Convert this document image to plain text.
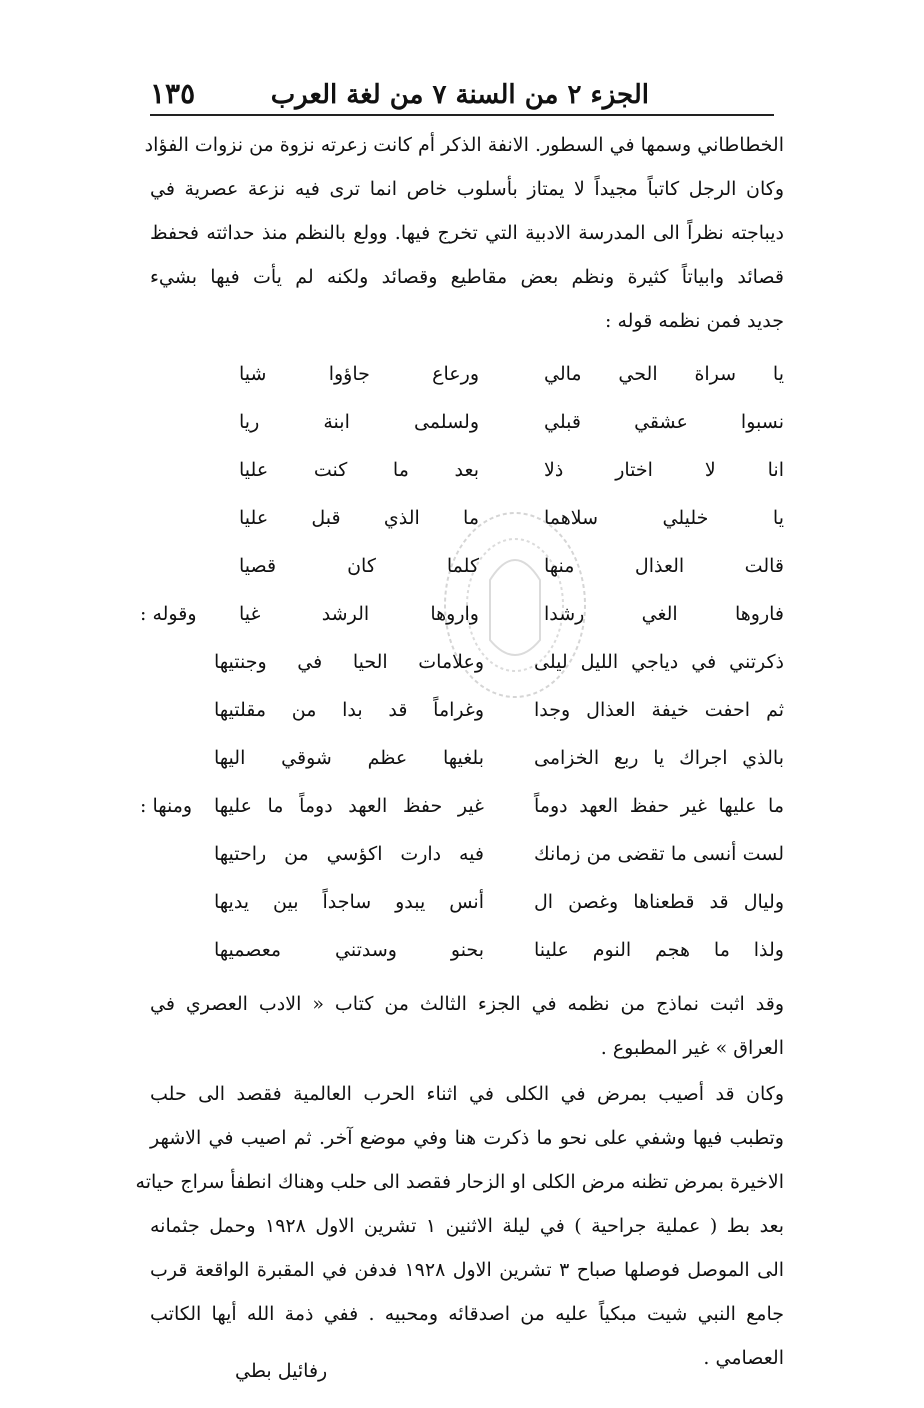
الجزء ٢ من السنة ٧ من لغة العرب
١٣٥
الخطاطاني وسمها في السطور. الانفة الذكر أم كانت زعرته نزوة من نزوات الفؤاد
وكان الرجل كاتباً مجيداً لا يمتاز بأسلوب خاص انما ترى فيه نزعة عصرية في
ديباجته نظراً الى المدرسة الادبية التي تخرج فيها. وولع بالنظم منذ حداثته فحفظ
قصائد وابياتاً كثيرة ونظم بعض مقاطيع وقصائد ولكنه لم يأت فيها بشيء
جديد فمن نظمه قوله :
يا سراة الحي مالي
ورعاع جاؤوا شيا
نسبوا عشقي قبلي
ولسلمى ابنة ريا
انا لا اختار ذلا
بعد ما كنت عليا
يا خليلي سلاهما
ما الذي قبل عليا
قالت العذال منها
كلما كان قصيا
فاروها الغي رشدا
واروها الرشد غيا
وقوله :
ذكرتني في دياجي الليل ليلى
وعلامات الحيا في وجنتيها
ثم احفت خيفة العذال وجدا
وغراماً قد بدا من مقلتيها
بالذي اجراك يا ربع الخزامى
بلغيها عظم شوقي اليها
ما عليها غير حفظ العهد دوماً
غير حفظ العهد دوماً ما عليها
ومنها :
لست أنسى ما تقضى من زمانك
فيه دارت اكؤسي من راحتيها
وليال قد قطعناها وغصن ال
أنس يبدو ساجداً بين يديها
ولذا ما هجم النوم علينا
بحنو وسدتني معصميها
وقد اثبت نماذج من نظمه في الجزء الثالث من كتاب « الادب العصري في
العراق » غير المطبوع .
وكان قد أصيب بمرض في الكلى في اثناء الحرب العالمية فقصد الى حلب
وتطبب فيها وشفي على نحو ما ذكرت هنا وفي موضع آخر. ثم اصيب في الاشهر
الاخيرة بمرض تظنه مرض الكلى او الزحار فقصد الى حلب وهناك انطفأ سراج حياته
بعد بط ( عملية جراحية ) في ليلة الاثنين ١ تشرين الاول ١٩٢٨ وحمل جثمانه
الى الموصل فوصلها صباح ٣ تشرين الاول ١٩٢٨ فدفن في المقبرة الواقعة قرب
جامع النبي شيت مبكياً عليه من اصدقائه ومحبيه . ففي ذمة الله أيها الكاتب
العصامي .
رفائيل بطي
